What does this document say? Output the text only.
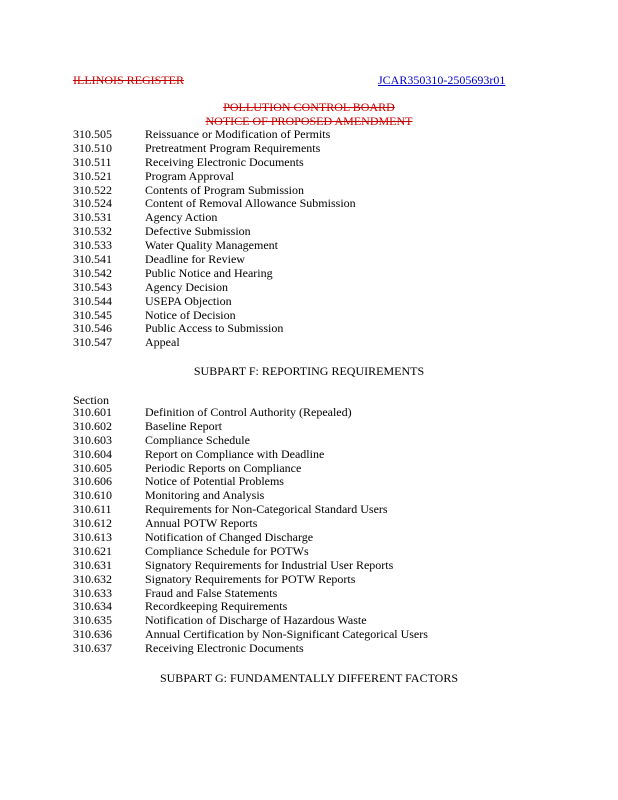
ILLINOIS REGISTER	JCAR350310-2505693r01
POLLUTION CONTROL BOARD
NOTICE OF PROPOSED AMENDMENT
310.505	Reissuance or Modification of Permits
310.510	Pretreatment Program Requirements
310.511	Receiving Electronic Documents
310.521	Program Approval
310.522	Contents of Program Submission
310.524	Content of Removal Allowance Submission
310.531	Agency Action
310.532	Defective Submission
310.533	Water Quality Management
310.541	Deadline for Review
310.542	Public Notice and Hearing
310.543	Agency Decision
310.544	USEPA Objection
310.545	Notice of Decision
310.546	Public Access to Submission
310.547	Appeal
SUBPART F: REPORTING REQUIREMENTS
Section
310.601	Definition of Control Authority (Repealed)
310.602	Baseline Report
310.603	Compliance Schedule
310.604	Report on Compliance with Deadline
310.605	Periodic Reports on Compliance
310.606	Notice of Potential Problems
310.610	Monitoring and Analysis
310.611	Requirements for Non-Categorical Standard Users
310.612	Annual POTW Reports
310.613	Notification of Changed Discharge
310.621	Compliance Schedule for POTWs
310.631	Signatory Requirements for Industrial User Reports
310.632	Signatory Requirements for POTW Reports
310.633	Fraud and False Statements
310.634	Recordkeeping Requirements
310.635	Notification of Discharge of Hazardous Waste
310.636	Annual Certification by Non-Significant Categorical Users
310.637	Receiving Electronic Documents
SUBPART G: FUNDAMENTALLY DIFFERENT FACTORS
